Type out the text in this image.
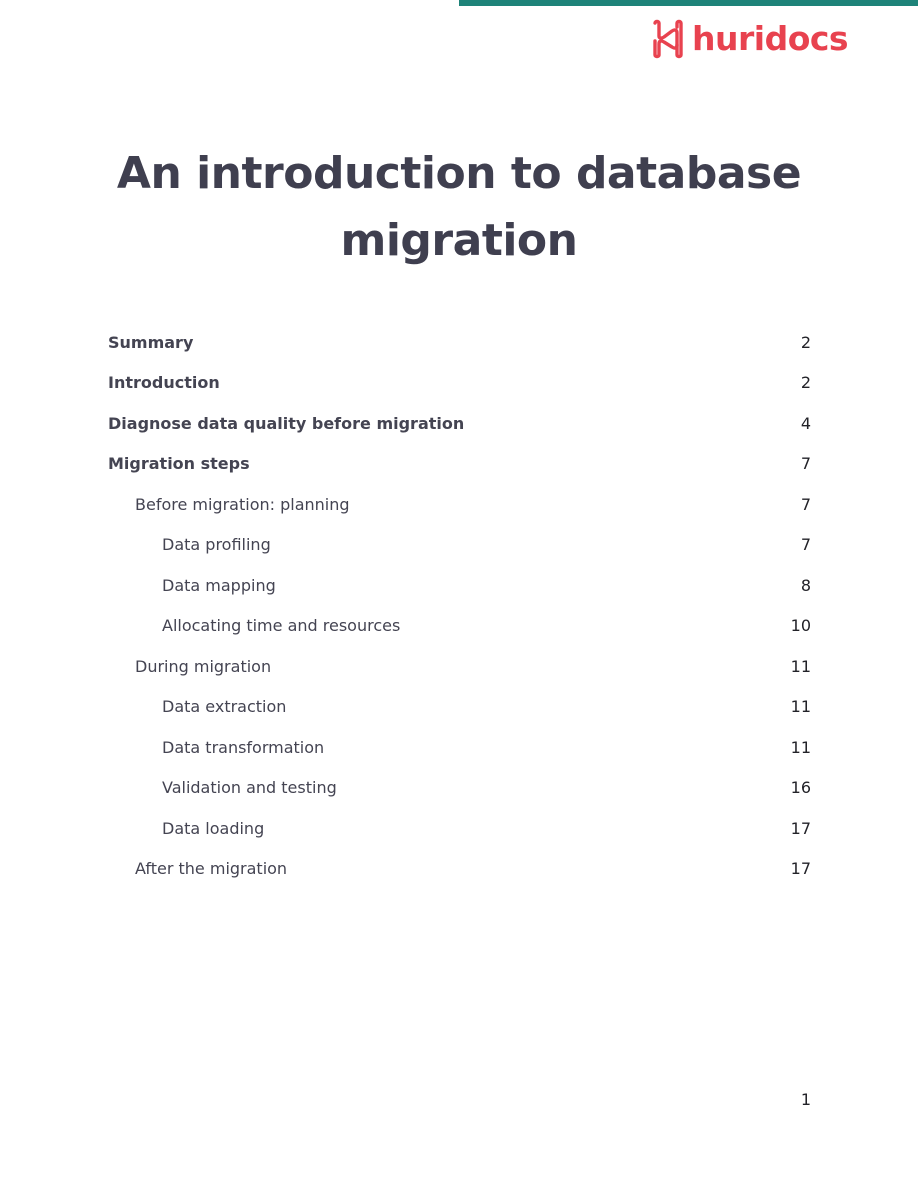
huridocs
An introduction to database migration
Summary	2
Introduction	2
Diagnose data quality before migration	4
Migration steps	7
Before migration: planning	7
Data profiling	7
Data mapping	8
Allocating time and resources	10
During migration	11
Data extraction	11
Data transformation	11
Validation and testing	16
Data loading	17
After the migration	17
1
